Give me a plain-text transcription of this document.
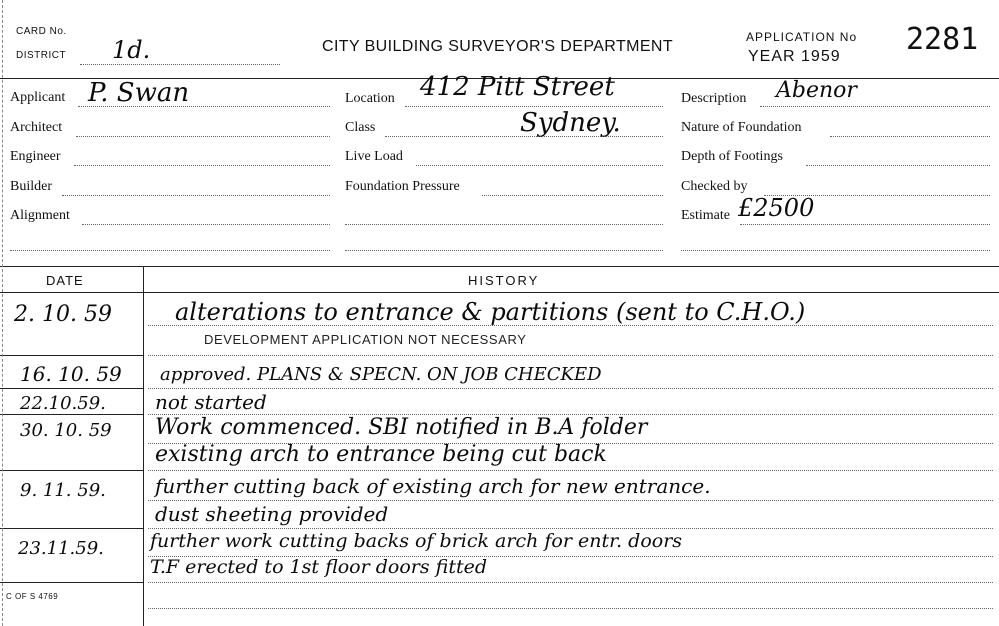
CARD No.
DISTRICT 1d.	CITY BUILDING SURVEYOR'S DEPARTMENT
APPLICATION No
YEAR 1959 2281
Applicant P. Swan
Architect
Engineer
Builder
Alignment
Location 412 Pitt Street
Class	Sydney.
Live Load
Foundation Pressure
Description Abenor
Nature of Foundation
Depth of Footings
Checked by
Estimate £2500
DATE	HISTORY
2. 10. 59	alterations to entrance & partitions (sent to C.H.O.)
DEVELOPMENT APPLICATION NOT NECESSARY
16. 10. 59 approved. PLANS & SPECN. ON JOB CHECKED
22.10.59. not started
30. 10. 59 Work commenced. SBI notified in B.A folder
existing arch to entrance being cut back
9. 11. 59. further cutting back of existing arch for new entrance.
dust sheeting provided
23.11.59. further work cutting backs of brick arch for entr. doors
T.F erected to 1st floor doors fitted
C OF S 4769
